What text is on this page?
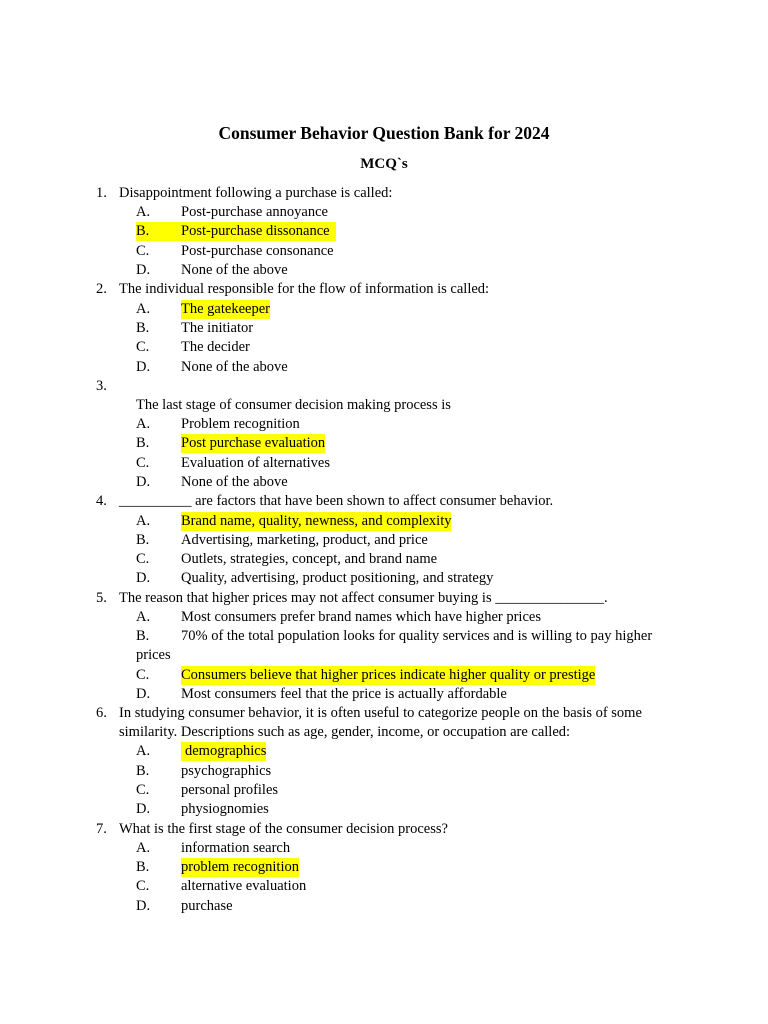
Consumer Behavior Question Bank for 2024
MCQ`s
1. Disappointment following a purchase is called:
A.	Post-purchase annoyance
B.	Post-purchase dissonance
C.	Post-purchase consonance
D.	None of the above
2. The individual responsible for the flow of information is called:
A.	The gatekeeper
B.	The initiator
C.	The decider
D.	None of the above
3.
The last stage of consumer decision making process is
A.	Problem recognition
B.	Post purchase evaluation
C.	Evaluation of alternatives
D.	None of the above
4. __________ are factors that have been shown to affect consumer behavior.
A.	Brand name, quality, newness, and complexity
B.	Advertising, marketing, product, and price
C.	Outlets, strategies, concept, and brand name
D.	Quality, advertising, product positioning, and strategy
5. The reason that higher prices may not affect consumer buying is _______________.
A.	Most consumers prefer brand names which have higher prices
B.	70% of the total population looks for quality services and is willing to pay higher
prices
C.	Consumers believe that higher prices indicate higher quality or prestige
D.	Most consumers feel that the price is actually affordable
6. In studying consumer behavior, it is often useful to categorize people on the basis of some
similarity. Descriptions such as age, gender, income, or occupation are called:
A.	demographics
B.	psychographics
C.	personal profiles
D.	physiognomies
7. What is the first stage of the consumer decision process?
A.	information search
B.	problem recognition
C.	alternative evaluation
D.	purchase
